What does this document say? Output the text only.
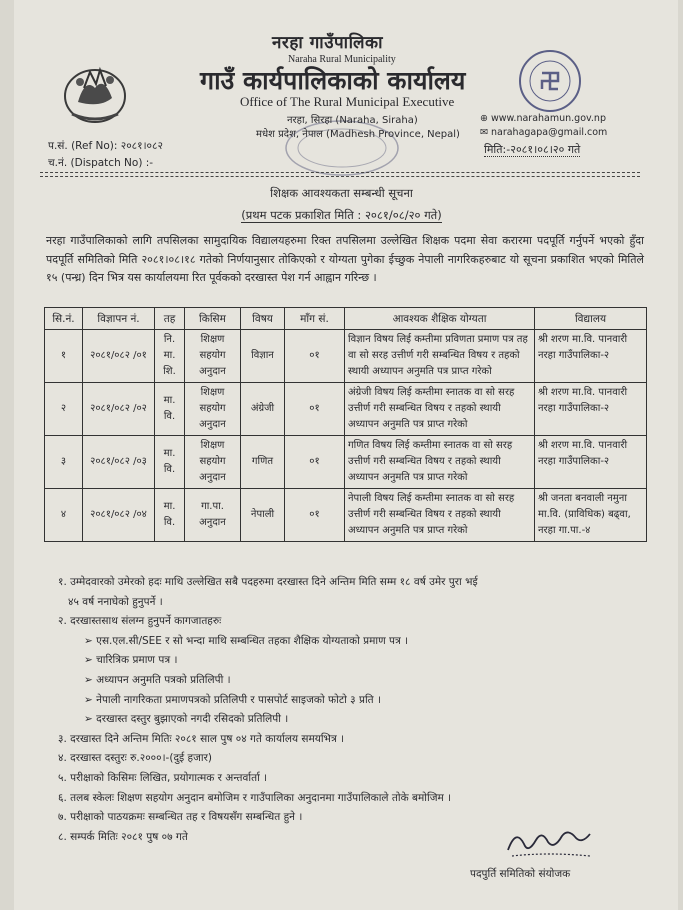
नरहा गाउँपालिका
Naraha Rural Municipality
गाउँ कार्यपालिकाको कार्यालय
Office of The Rural Municipal Executive
नरहा, सिरहा (Naraha, Siraha)
मधेश प्रदेश, नेपाल (Madhesh Province, Nepal)
⊕ www.narahamun.gov.np
✉ narahagapa@gmail.com
प.सं. (Ref No): २०८१।०८२
च.नं. (Dispatch No) :-
मिति:-२०८१।०८।२० गते
शिक्षक आवश्यकता सम्बन्धी सूचना
(प्रथम पटक प्रकाशित मिति : २०८१/०८/२० गते)
नरहा गाउँपालिकाको लागि तपसिलका सामुदायिक विद्यालयहरुमा रिक्त तपसिलमा उल्लेखित शिक्षक पदमा सेवा करारमा पदपूर्ति गर्नुपर्ने भएको हुँदा पदपूर्ति समितिको मिति २०८१।०८।१८ गतेको निर्णयानुसार तोकिएको र योग्यता पुगेका ईच्छुक नेपाली नागरिकहरुबाट यो सूचना प्रकाशित भएको मितिले १५ (पन्ध्र) दिन भित्र यस कार्यालयमा रित पूर्वकको दरखास्त पेश गर्न आह्वान गरिन्छ ।
सि.नं.	विज्ञापन नं.	तह	किसिम	विषय	माँग सं.	आवश्यक शैक्षिक योग्यता	विद्यालय
१	२०८१/०८२ /०१	नि. मा. शि.	शिक्षण सहयोग अनुदान	विज्ञान	०१	विज्ञान विषय लिई कम्तीमा प्रविणता प्रमाण पत्र तह वा सो सरह उत्तीर्ण गरी सम्बन्धित विषय र तहको स्थायी अध्यापन अनुमति पत्र प्राप्त गरेको	श्री शरण मा.वि. पानवारी नरहा गाउँपालिका-२
२	२०८१/०८२ /०२	मा. वि.	शिक्षण सहयोग अनुदान	अंग्रेजी	०१	अंग्रेजी विषय लिई कम्तीमा स्नातक वा सो सरह उत्तीर्ण गरी सम्बन्धित विषय र तहको स्थायी अध्यापन अनुमति पत्र प्राप्त गरेको	श्री शरण मा.वि. पानवारी नरहा गाउँपालिका-२
३	२०८१/०८२ /०३	मा. वि.	शिक्षण सहयोग अनुदान	गणित	०१	गणित विषय लिई कम्तीमा स्नातक वा सो सरह उत्तीर्ण गरी सम्बन्धित विषय र तहको स्थायी अध्यापन अनुमति पत्र प्राप्त गरेको	श्री शरण मा.वि. पानवारी नरहा गाउँपालिका-२
४	२०८१/०८२ /०४	मा. वि.	गा.पा. अनुदान	नेपाली	०१	नेपाली विषय लिई कम्तीमा स्नातक वा सो सरह उत्तीर्ण गरी सम्बन्धित विषय र तहको स्थायी अध्यापन अनुमति पत्र प्राप्त गरेको	श्री जनता बनवाली नमुना मा.वि. (प्राविधिक) बढ्वा, नरहा गा.पा.-४
१. उम्मेदवारको उमेरको हदः माथि उल्लेखित सबै पदहरुमा दरखास्त दिने अन्तिम मिति सम्म १८ वर्ष उमेर पुरा भई
४५ वर्ष ननाघेको हुनुपर्ने ।
२. दरखास्तसाथ संलग्न हुनुपर्ने कागजातहरुः
➢ एस.एल.सी/SEE र सो भन्दा माथि सम्बन्धित तहका शैक्षिक योग्यताको प्रमाण पत्र ।
➢ चारित्रिक प्रमाण पत्र ।
➢ अध्यापन अनुमति पत्रको प्रतिलिपी ।
➢ नेपाली नागरिकता प्रमाणपत्रको प्रतिलिपी र पासपोर्ट साइजको फोटो ३ प्रति ।
➢ दरखास्त दस्तुर बुझाएको नगदी रसिदको प्रतिलिपी ।
३. दरखास्त दिने अन्तिम मितिः २०८१ साल पुष ०४ गते कार्यालय समयभित्र ।
४. दरखास्त दस्तुरः रु.२०००।-(दुई हजार)
५. परीक्षाको किसिमः लिखित, प्रयोगात्मक र अन्तर्वार्ता ।
६. तलब स्केलः शिक्षण सहयोग अनुदान बमोजिम र गाउँपालिका अनुदानमा गाउँपालिकाले तोके बमोजिम ।
७. परीक्षाको पाठयक्रमः सम्बन्धित तह र विषयसँग सम्बन्धित हुने ।
८. सम्पर्क मितिः २०८१ पुष ०७ गते
पदपुर्ति समितिको संयोजक
